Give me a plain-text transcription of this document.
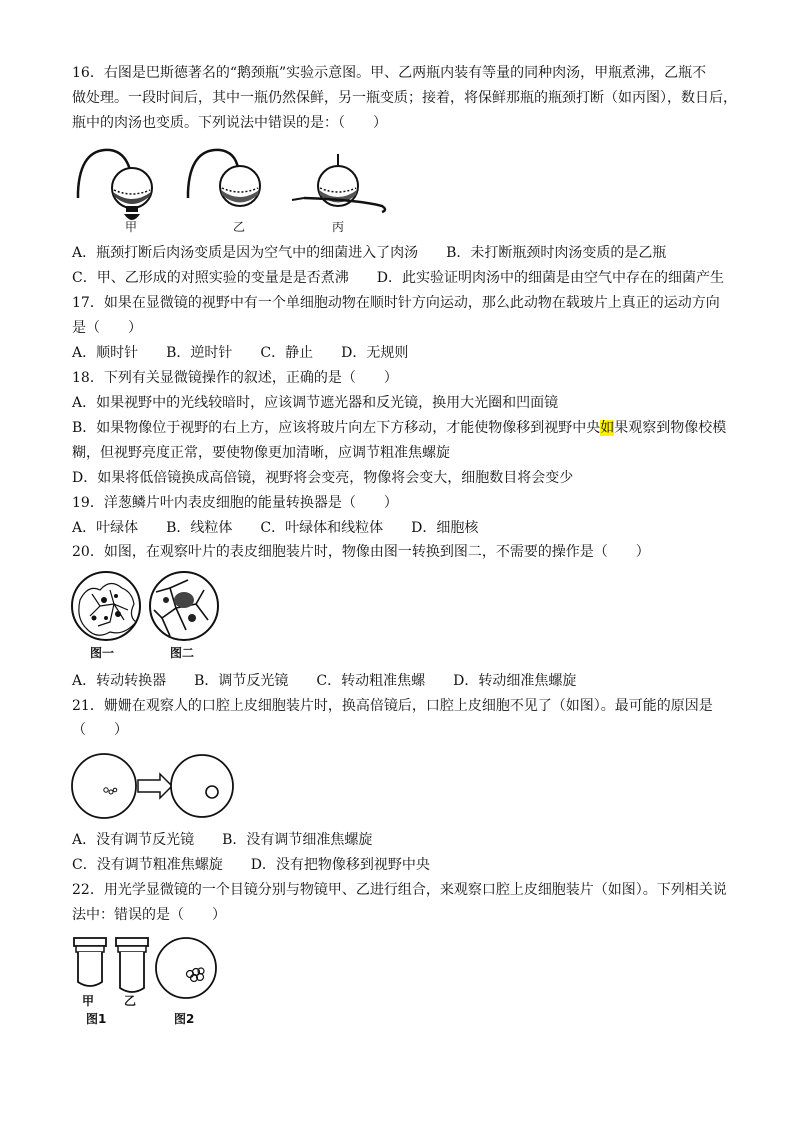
16．右图是巴斯德著名的“鹅颈瓶”实验示意图。甲、乙两瓶内装有等量的同种肉汤，甲瓶煮沸，乙瓶不
做处理。一段时间后，其中一瓶仍然保鲜，另一瓶变质；接着，将保鲜那瓶的瓶颈打断（如丙图），数日后，
瓶中的肉汤也变质。下列说法中错误的是：（　　）
甲	乙	丙
A．瓶颈打断后肉汤变质是因为空气中的细菌进入了肉汤 B．未打断瓶颈时肉汤变质的是乙瓶
C．甲、乙形成的对照实验的变量是是否煮沸 D．此实验证明肉汤中的细菌是由空气中存在的细菌产生
17．如果在显微镜的视野中有一个单细胞动物在顺时针方向运动，那么此动物在载玻片上真正的运动方向
是（　　）
A．顺时针　　B．逆时针　　C．静止　　D．无规则
18．下列有关显微镜操作的叙述，正确的是（　　）
A．如果视野中的光线较暗时，应该调节遮光器和反光镜，换用大光圈和凹面镜
B．如果物像位于视野的右上方，应该将玻片向左下方移动，才能使物像移到视野中央如果观察到物像校模
糊，但视野亮度正常，要使物像更加清晰，应调节粗准焦螺旋
D．如果将低倍镜换成高倍镜，视野将会变亮，物像将会变大，细胞数目将会变少
19．洋葱鳞片叶内表皮细胞的能量转换器是（　　）
A．叶绿体　　B．线粒体　　C．叶绿体和线粒体　　D．细胞核
20．如图，在观察叶片的表皮细胞装片时，物像由图一转换到图二，不需要的操作是（　　）
图一	图二
A．转动转换器　　B．调节反光镜　　C．转动粗准焦螺　　D．转动细准焦螺旋
21．姗姗在观察人的口腔上皮细胞装片时，换高倍镜后，口腔上皮细胞不见了（如图）。最可能的原因是
（　　）
A．没有调节反光镜　　B．没有调节细准焦螺旋
C．没有调节粗准焦螺旋　　D．没有把物像移到视野中央
22．用光学显微镜的一个目镜分别与物镜甲、乙进行组合，来观察口腔上皮细胞装片（如图）。下列相关说
法中：错误的是（　　）
甲 乙
图1	图2
